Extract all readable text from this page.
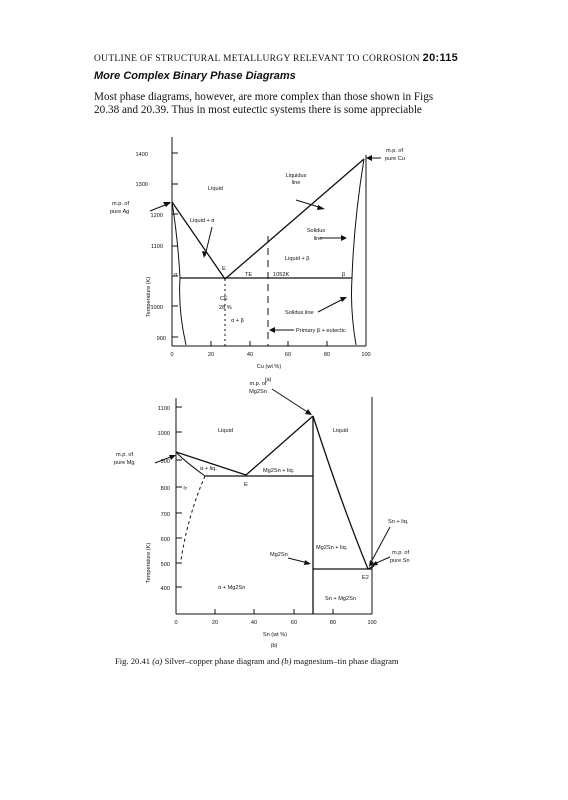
OUTLINE OF STRUCTURAL METALLURGY RELEVANT TO CORROSION 20:115
More Complex Binary Phase Diagrams
Most phase diagrams, however, are more complex than those shown in Figs
20.38 and 20.39. Thus in most eutectic systems there is some appreciable
1400
1300
1200
1100
1000
900
0	20	40	60	80	100
Cu (wt %)
(a)
Temperature (K)
Liquid
Liquidus
line
Solidus
line
Liquid + α
Liquid + β
m.p. of
pure Ag
m.p. of
pure Cu
α	β
E
TE	1052K
CE
28 %
α + β
Solidus line
Primary β + eutectic
1100
1000
900
800
700
600
500
400
0	20	40	60	80	100
Sn (wt %)
(b)
Temperature (K)
m.p. of
Mg2Sn
Liquid	Liquid
m.p. of
pure Mg
α + liq.	Mg2Sn + liq.
E
α
Mg2Sn
Mg2Sn + liq.
Sn + liq.
m.p. of
pure Sn
E2
α + Mg2Sn
Sn + Mg2Sn
Fig. 20.41 (a) Silver–copper phase diagram and (b) magnesium–tin phase diagram
